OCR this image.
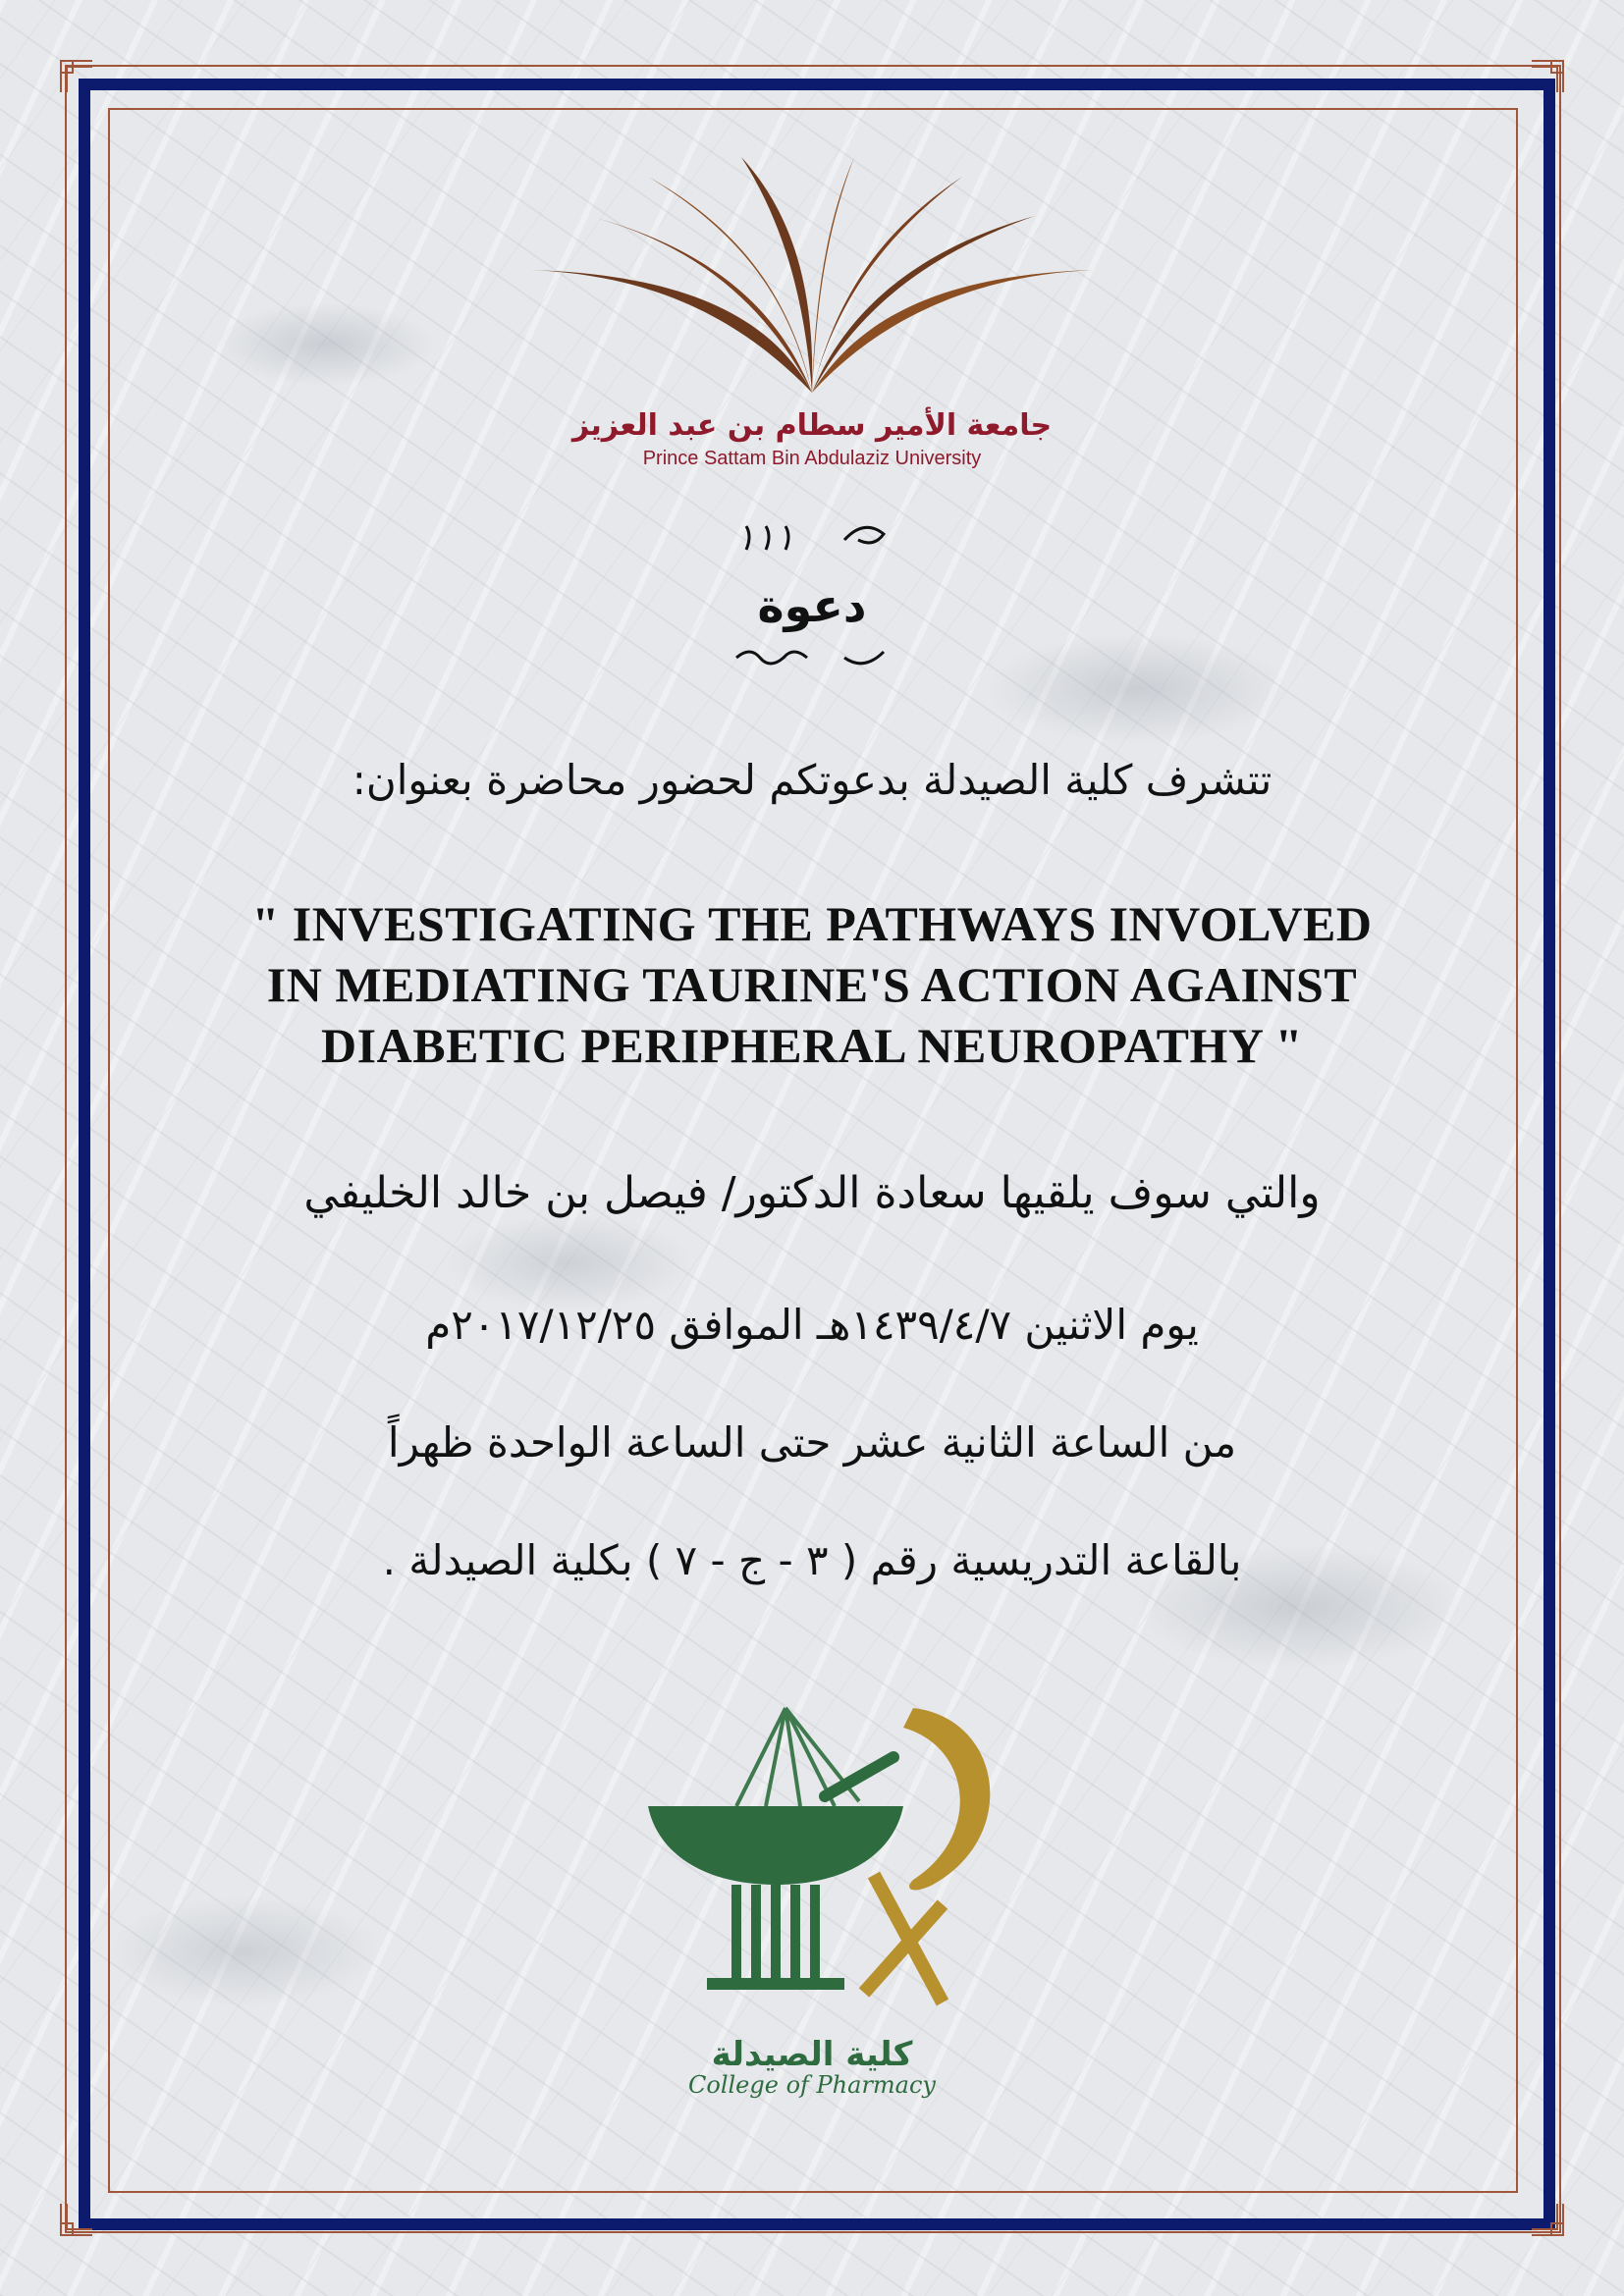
جامعة الأمير سطام بن عبد العزيز
Prince Sattam Bin Abdulaziz University
دعوة
تتشرف كلية الصيدلة بدعوتكم لحضور محاضرة بعنوان:
" INVESTIGATING THE PATHWAYS INVOLVED
IN MEDIATING TAURINE'S ACTION AGAINST
DIABETIC PERIPHERAL NEUROPATHY "
والتي سوف يلقيها سعادة الدكتور/ فيصل بن خالد الخليفي
يوم الاثنين ١٤٣٩/٤/٧هـ الموافق ٢٠١٧/١٢/٢٥م
من الساعة الثانية عشر حتى الساعة الواحدة ظهراً
بالقاعة التدريسية رقم ( ٣ - ج - ٧ ) بكلية الصيدلة .
كلية الصيدلة
College of Pharmacy
